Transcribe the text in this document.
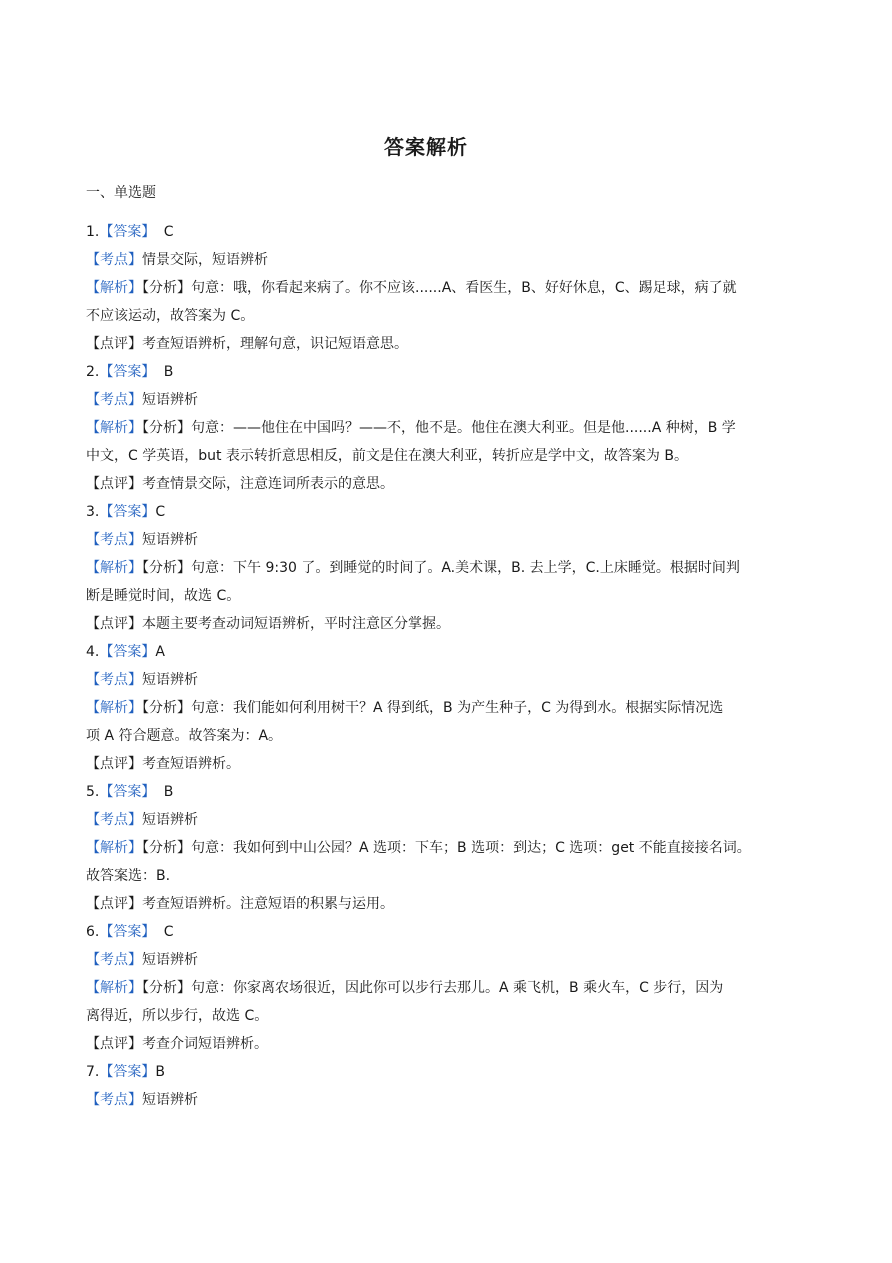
答案解析
一、单选题
1.【答案】 C
【考点】情景交际，短语辨析
【解析】【分析】句意：哦，你看起来病了。你不应该......A、看医生，B、好好休息，C、踢足球，病了就
不应该运动，故答案为 C。
【点评】考查短语辨析，理解句意，识记短语意思。
2.【答案】 B
【考点】短语辨析
【解析】【分析】句意：——他住在中国吗？——不，他不是。他住在澳大利亚。但是他......A 种树，B 学
中文，C 学英语，but 表示转折意思相反，前文是住在澳大利亚，转折应是学中文，故答案为 B。
【点评】考查情景交际，注意连词所表示的意思。
3.【答案】C
【考点】短语辨析
【解析】【分析】句意：下午 9:30 了。到睡觉的时间了。A.美术课，B. 去上学，C.上床睡觉。根据时间判
断是睡觉时间，故选 C。
【点评】本题主要考查动词短语辨析，平时注意区分掌握。
4.【答案】A
【考点】短语辨析
【解析】【分析】句意：我们能如何利用树干？A 得到纸，B 为产生种子，C 为得到水。根据实际情况选
项 A 符合题意。故答案为：A。
【点评】考查短语辨析。
5.【答案】 B
【考点】短语辨析
【解析】【分析】句意：我如何到中山公园？A 选项：下车；B 选项：到达；C 选项：get 不能直接接名词。
故答案选：B.
【点评】考查短语辨析。注意短语的积累与运用。
6.【答案】 C
【考点】短语辨析
【解析】【分析】句意：你家离农场很近，因此你可以步行去那儿。A 乘飞机，B 乘火车，C 步行，因为
离得近，所以步行，故选 C。
【点评】考查介词短语辨析。
7.【答案】B
【考点】短语辨析
